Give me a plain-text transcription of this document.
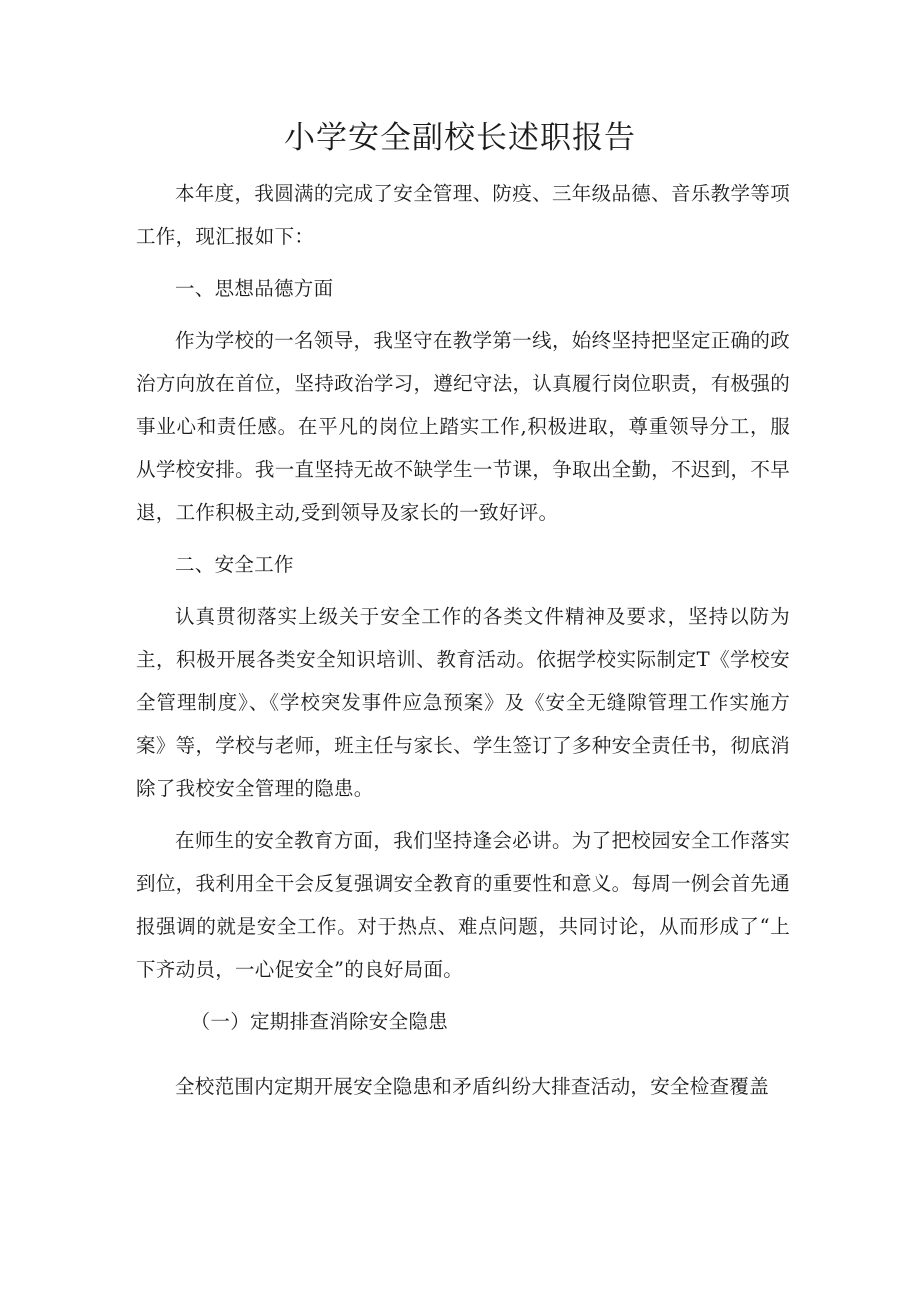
小学安全副校长述职报告

本年度，我圆满的完成了安全管理、防疫、三年级品德、音乐教学等项工作，现汇报如下：

一、思想品德方面

作为学校的一名领导，我坚守在教学第一线，始终坚持把坚定正确的政治方向放在首位，坚持政治学习，遵纪守法，认真履行岗位职责，有极强的事业心和责任感。在平凡的岗位上踏实工作,积极进取，尊重领导分工，服从学校安排。我一直坚持无故不缺学生一节课，争取出全勤，不迟到，不早退，工作积极主动,受到领导及家长的一致好评。

二、安全工作

认真贯彻落实上级关于安全工作的各类文件精神及要求，坚持以防为主，积极开展各类安全知识培训、教育活动。依据学校实际制定T《学校安全管理制度》、《学校突发事件应急预案》及《安全无缝隙管理工作实施方案》等，学校与老师，班主任与家长、学生签订了多种安全责任书，彻底消除了我校安全管理的隐患。

在师生的安全教育方面，我们坚持逢会必讲。为了把校园安全工作落实到位，我利用全干会反复强调安全教育的重要性和意义。每周一例会首先通报强调的就是安全工作。对于热点、难点问题，共同讨论，从而形成了“上下齐动员，一心促安全”的良好局面。

（一）定期排查消除安全隐患

全校范围内定期开展安全隐患和矛盾纠纷大排查活动，安全检查覆盖
